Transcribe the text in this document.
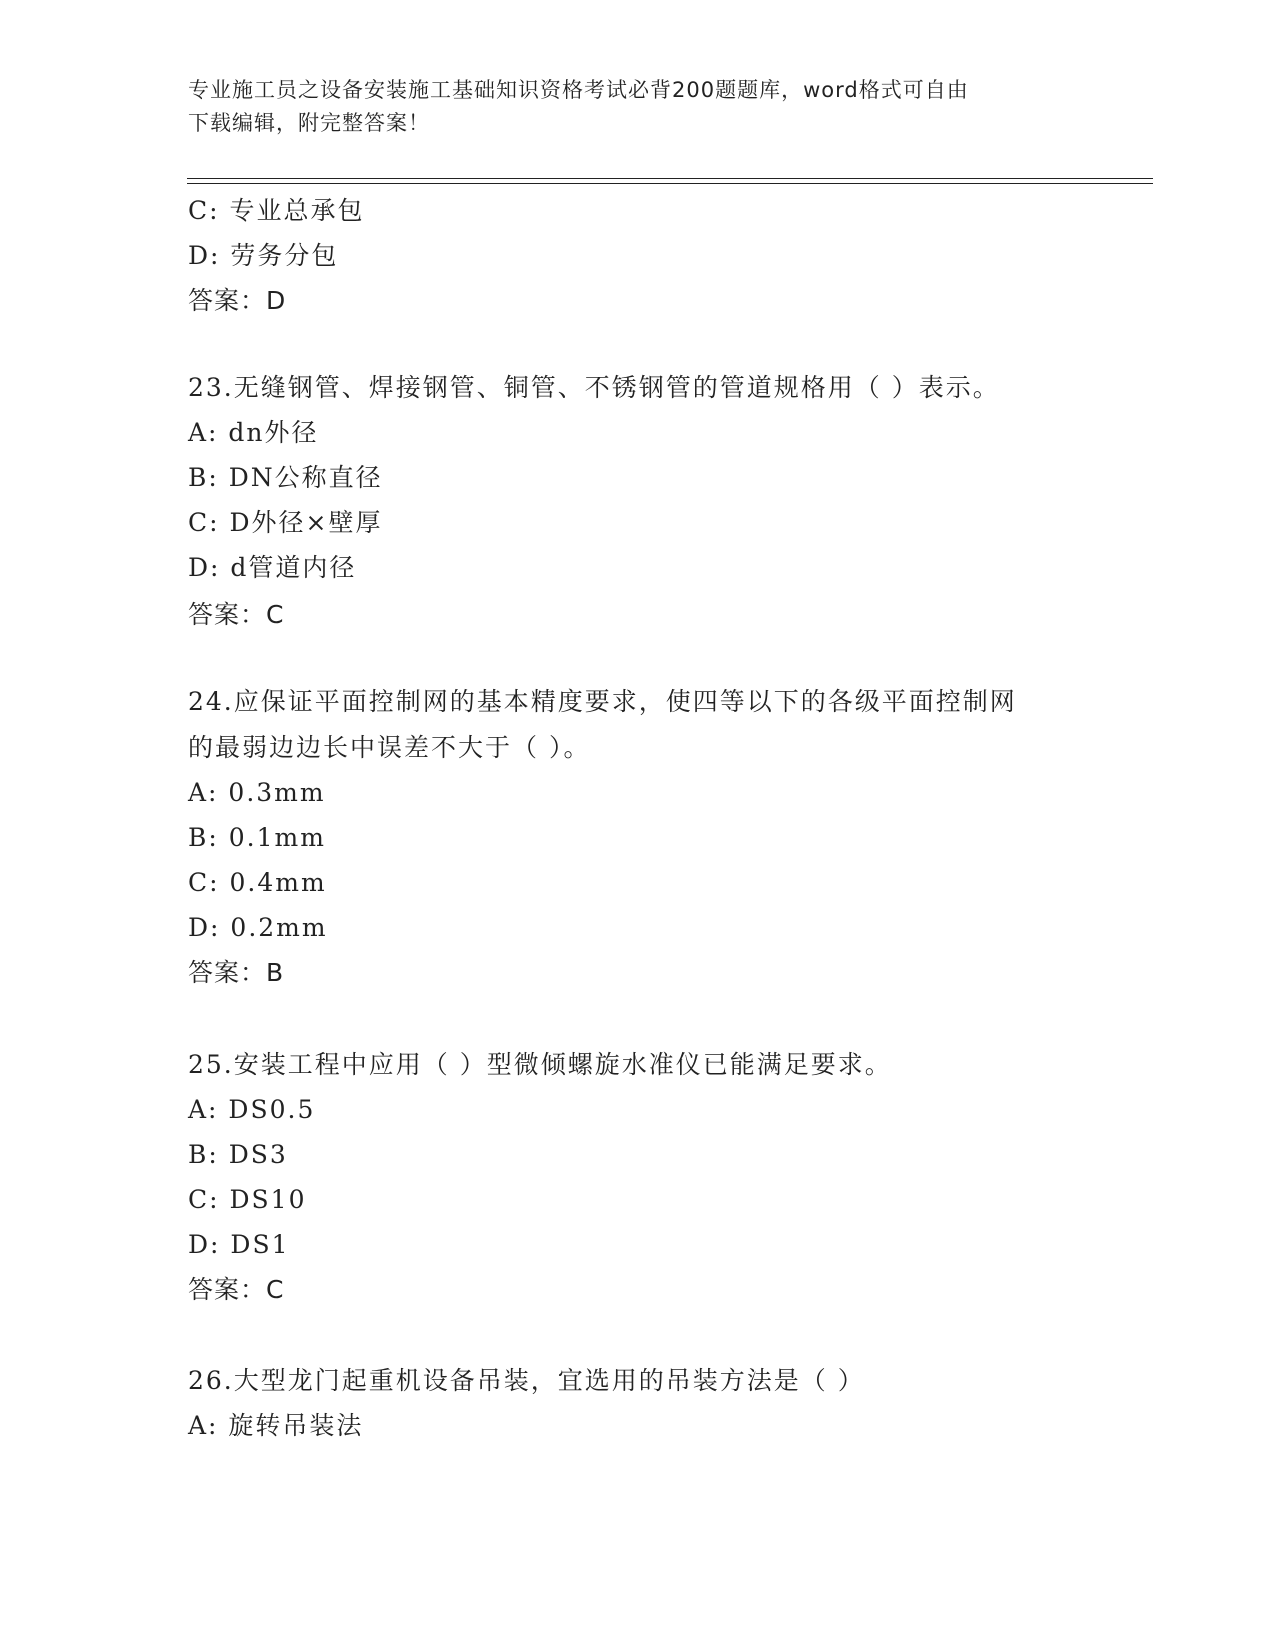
专业施工员之设备安装施工基础知识资格考试必背200题题库，word格式可自由
下载编辑，附完整答案！
C: 专业总承包
D: 劳务分包
答案：D
23.无缝钢管、焊接钢管、铜管、不锈钢管的管道规格用（ ）表示。
A: dn外径
B: DN公称直径
C: D外径×壁厚
D: d管道内径
答案：C
24.应保证平面控制网的基本精度要求，使四等以下的各级平面控制网
的最弱边边长中误差不大于（ ）。
A: 0.3mm
B: 0.1mm
C: 0.4mm
D: 0.2mm
答案：B
25.安装工程中应用（ ）型微倾螺旋水准仪已能满足要求。
A: DS0.5
B: DS3
C: DS10
D: DS1
答案：C
26.大型龙门起重机设备吊装，宜选用的吊装方法是（ ）
A: 旋转吊装法
